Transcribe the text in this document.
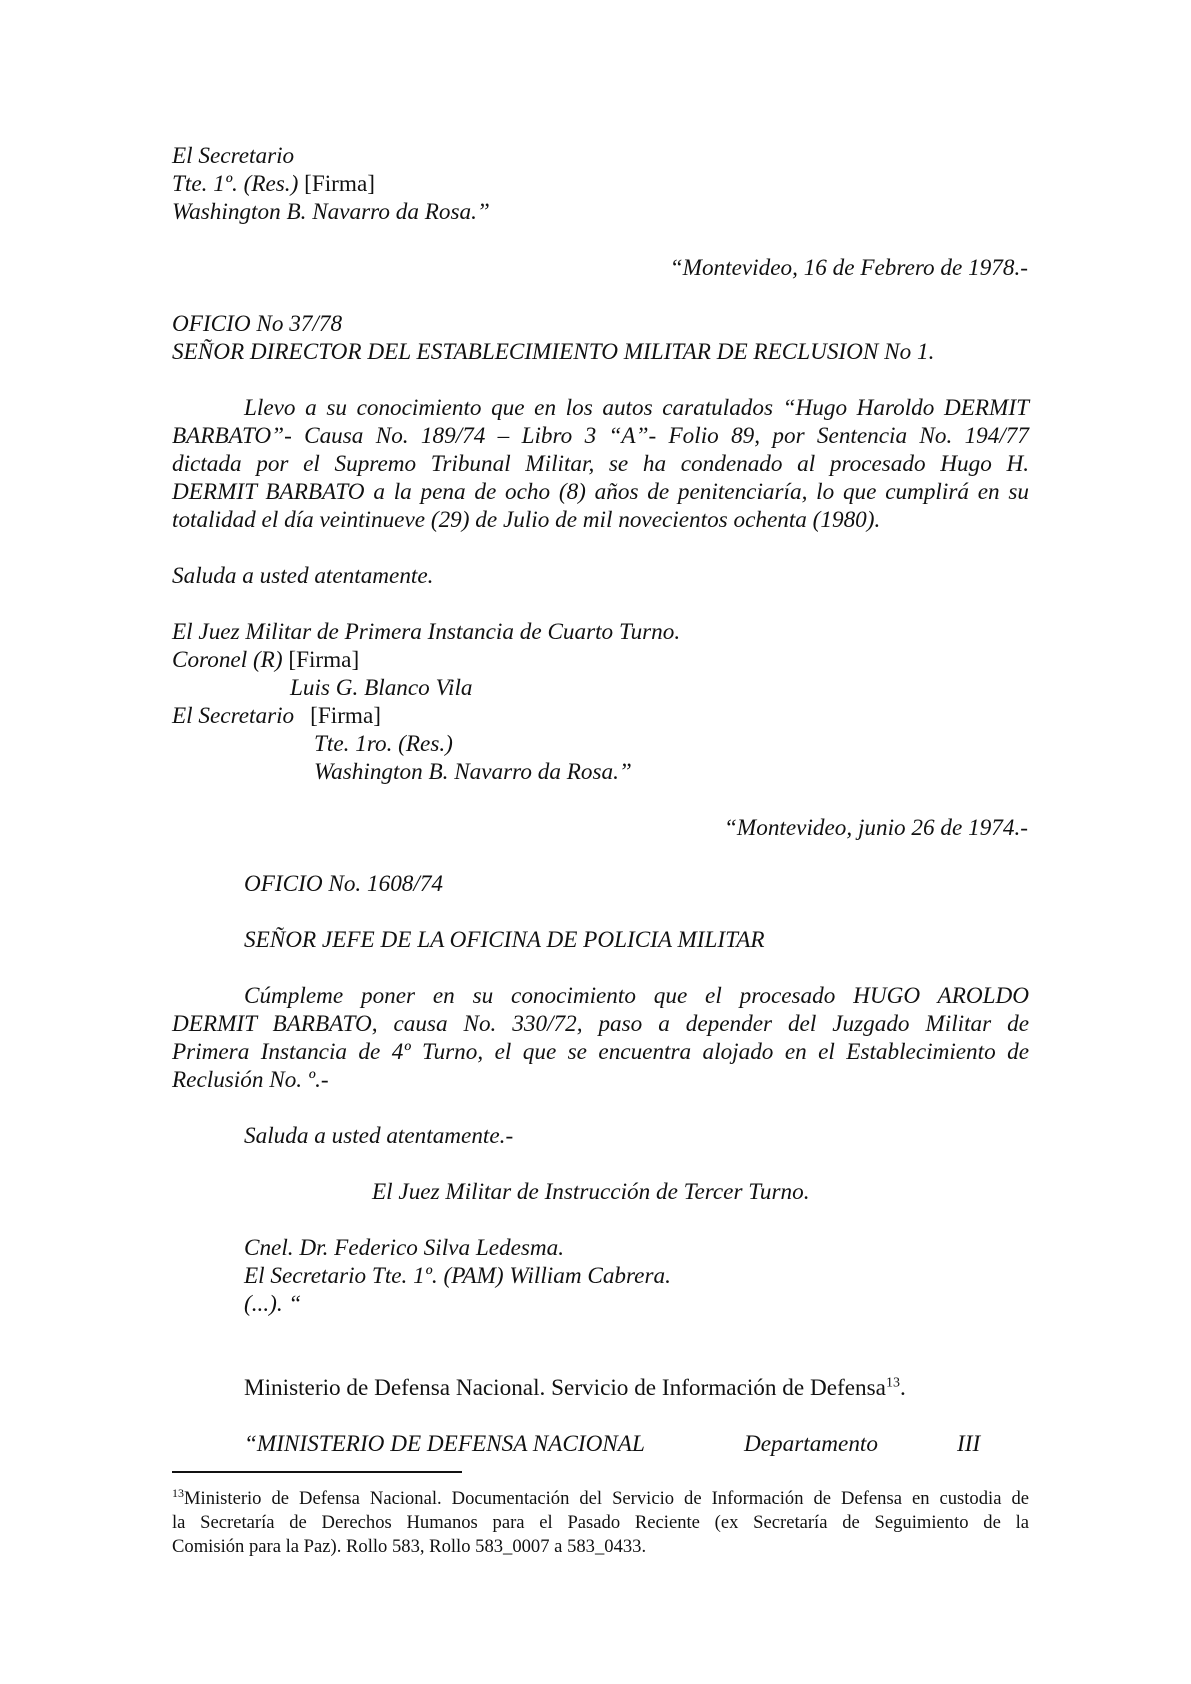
El Secretario
Tte. 1º. (Res.) [Firma]
Washington B. Navarro da Rosa.”
“Montevideo, 16 de Febrero de 1978.-
OFICIO No 37/78
SEÑOR DIRECTOR DEL ESTABLECIMIENTO MILITAR DE RECLUSION No 1.
Llevo a su conocimiento que en los autos caratulados “Hugo Haroldo DERMIT
BARBATO”- Causa No. 189/74 – Libro 3 “A”- Folio 89, por Sentencia No. 194/77
dictada por el Supremo Tribunal Militar, se ha condenado al procesado Hugo H.
DERMIT BARBATO a la pena de ocho (8) años de penitenciaría, lo que cumplirá en su
totalidad el día veintinueve (29) de Julio de mil novecientos ochenta (1980).
Saluda a usted atentamente.
El Juez Militar de Primera Instancia de Cuarto Turno.
Coronel (R) [Firma]
Luis G. Blanco Vila
El Secretario [Firma]
Tte. 1ro. (Res.)
Washington B. Navarro da Rosa.”
“Montevideo, junio 26 de 1974.-
OFICIO No. 1608/74
SEÑOR JEFE DE LA OFICINA DE POLICIA MILITAR
Cúmpleme poner en su conocimiento que el procesado HUGO AROLDO
DERMIT BARBATO, causa No. 330/72, paso a depender del Juzgado Militar de
Primera Instancia de 4º Turno, el que se encuentra alojado en el Establecimiento de
Reclusión No. º.-
Saluda a usted atentamente.-
El Juez Militar de Instrucción de Tercer Turno.
Cnel. Dr. Federico Silva Ledesma.
El Secretario Tte. 1º. (PAM) William Cabrera.
(...). “
Ministerio de Defensa Nacional. Servicio de Información de Defensa$^{13}$.
“MINISTERIO DE DEFENSA NACIONAL	Departamento	III
$^{13}$Ministerio de Defensa Nacional. Documentación del Servicio de Información de Defensa en custodia de
la Secretaría de Derechos Humanos para el Pasado Reciente (ex Secretaría de Seguimiento de la
Comisión para la Paz). Rollo 583, Rollo 583_0007 a 583_0433.
